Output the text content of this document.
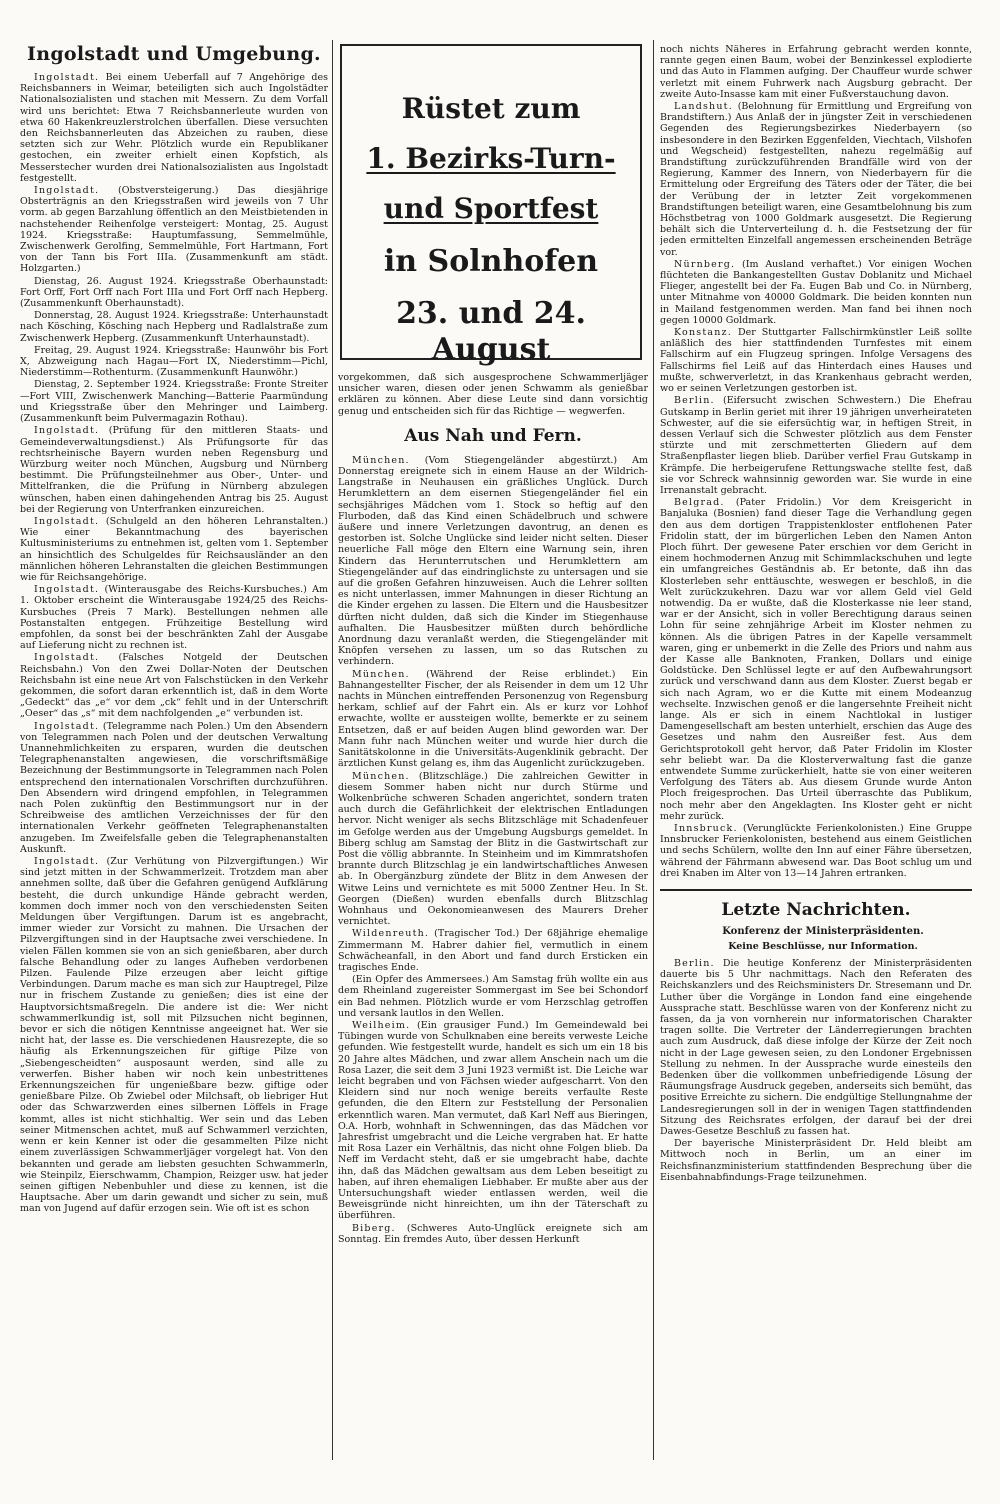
Ingolstadt und Umgebung.

Ingolstadt. Bei einem Ueberfall auf 7 Angehörige des Reichsbanners in Weimar, beteiligten sich auch Ingolstädter Nationalsozialisten und stachen mit Messern. Zu dem Vorfall wird uns berichtet: Etwa 7 Reichsbannerleute wurden von etwa 60 Hakenkreuzlerstrolchen überfallen. Diese versuchten den Reichsbannerleuten das Abzeichen zu rauben, diese setzten sich zur Wehr. Plötzlich wurde ein Republikaner gestochen, ein zweiter erhielt einen Kopfstich, als Messerstecher wurden drei Nationalsozialisten aus Ingolstadt festgestellt.

Ingolstadt. (Obstversteigerung.) Das diesjährige Obsterträgnis an den Kriegsstraßen wird jeweils von 7 Uhr vorm. ab gegen Barzahlung öffentlich an den Meistbietenden in nachstehender Reihenfolge versteigert: Montag, 25. August 1924. Kriegsstraße: Hauptumfassung, Semmelmühle, Zwischenwerk Gerolfing, Semmelmühle, Fort Hartmann, Fort von der Tann bis Fort IIIa. (Zusammenkunft am städt. Holzgarten.)

Dienstag, 26. August 1924. Kriegsstraße Oberhaunstadt: Fort Orff, Fort Orff nach Fort IIIa und Fort Orff nach Hepberg. (Zusammenkunft Oberhaunstadt).

Donnerstag, 28. August 1924. Kriegsstraße: Unterhaunstadt nach Kösching, Kösching nach Hepberg und Radlalstraße zum Zwischenwerk Hepberg. (Zusammenkunft Unterhaunstadt).

Freitag, 29. August 1924. Kriegsstraße: Haunwöhr bis Fort X, Abzweigung nach Hagau—Fort IX, Niederstimm—Pichl, Niederstimm—Rothenturm. (Zusammenkunft Haunwöhr.)

Dienstag, 2. September 1924. Kriegsstraße: Fronte Streiter—Fort VIII, Zwischenwerk Manching—Batterie Paarmündung und Kriegsstraße über den Mehringer und Laimberg. (Zusammenkunft beim Pulvermagazin Rothau).

Ingolstadt. (Prüfung für den mittleren Staats- und Gemeindeverwaltungsdienst.) Als Prüfungsorte für das rechtsrheinische Bayern wurden neben Regensburg und Würzburg weiter noch München, Augsburg und Nürnberg bestimmt. Die Prüfungsteilnehmer aus Ober-, Unter- und Mittelfranken, die die Prüfung in Nürnberg abzulegen wünschen, haben einen dahingehenden Antrag bis 25. August bei der Regierung von Unterfranken einzureichen.

Ingolstadt. (Schulgeld an den höheren Lehranstalten.) Wie einer Bekanntmachung des bayerischen Kultusministeriums zu entnehmen ist, gelten vom 1. September an hinsichtlich des Schulgeldes für Reichsausländer an den männlichen höheren Lehranstalten die gleichen Bestimmungen wie für Reichsangehörige.

Ingolstadt. (Winterausgabe des Reichs-Kursbuches.) Am 1. Oktober erscheint die Winterausgabe 1924/25 des Reichs-Kursbuches (Preis 7 Mark). Bestellungen nehmen alle Postanstalten entgegen. Frühzeitige Bestellung wird empfohlen, da sonst bei der beschränkten Zahl der Ausgabe auf Lieferung nicht zu rechnen ist.

Ingolstadt. (Falsches Notgeld der Deutschen Reichsbahn.) Von den Zwei Dollar-Noten der Deutschen Reichsbahn ist eine neue Art von Falschstücken in den Verkehr gekommen, die sofort daran erkenntlich ist, daß in dem Worte „Gedeckt“ das „e“ vor dem „ck“ fehlt und in der Unterschrift „Oeser“ das „s“ mit dem nachfolgenden „e“ verbunden ist.

Ingolstadt. (Telegramme nach Polen.) Um den Absendern von Telegrammen nach Polen und der deutschen Verwaltung Unannehmlichkeiten zu ersparen, wurden die deutschen Telegraphenanstalten angewiesen, die vorschriftsmäßige Bezeichnung der Bestimmungsorte in Telegrammen nach Polen entsprechend den internationalen Vorschriften durchzuführen. Den Absendern wird dringend empfohlen, in Telegrammen nach Polen zukünftig den Bestimmungsort nur in der Schreibweise des amtlichen Verzeichnisses der für den internationalen Verkehr geöffneten Telegraphenanstalten anzugeben. Im Zweifelsfalle geben die Telegraphenanstalten Auskunft.

Ingolstadt. (Zur Verhütung von Pilzvergiftungen.) Wir sind jetzt mitten in der Schwammerlzeit. Trotzdem man aber annehmen sollte, daß über die Gefahren genügend Aufklärung besteht, die durch unkundige Hände gebracht werden, kommen doch immer noch von den verschiedensten Seiten Meldungen über Vergiftungen. Darum ist es angebracht, immer wieder zur Vorsicht zu mahnen. Die Ursachen der Pilzvergiftungen sind in der Hauptsache zwei verschiedene. In vielen Fällen kommen sie von an sich genießbaren, aber durch falsche Behandlung oder zu langes Aufheben verdorbenen Pilzen. Faulende Pilze erzeugen aber leicht giftige Verbindungen. Darum mache es man sich zur Hauptregel, Pilze nur in frischem Zustande zu genießen; dies ist eine der Hauptvorsichtsmaßregeln. Die andere ist die: Wer nicht schwammerlkundig ist, soll mit Pilzsuchen nicht beginnen, bevor er sich die nötigen Kenntnisse angeeignet hat. Wer sie nicht hat, der lasse es. Die verschiedenen Hausrezepte, die so häufig als Erkennungszeichen für giftige Pilze von „Siebengescheidten“ ausposaunt werden, sind alle zu verwerfen. Bisher haben wir noch kein unbestrittenes Erkennungszeichen für ungenießbare bezw. giftige oder genießbare Pilze. Ob Zwiebel oder Milchsaft, ob liebriger Hut oder das Schwarzwerden eines silbernen Löffels in Frage kommt, alles ist nicht stichhaltig. Wer sein und das Leben seiner Mitmenschen achtet, muß auf Schwammerl verzichten, wenn er kein Kenner ist oder die gesammelten Pilze nicht einem zuverlässigen Schwammerljäger vorgelegt hat. Von den bekannten und gerade am liebsten gesuchten Schwammerln, wie Steinpilz, Eierschwamm, Champion, Reizger usw. hat jeder seinen giftigen Nebenbuhler und diese zu kennen, ist die Hauptsache. Aber um darin gewandt und sicher zu sein, muß man von Jugend auf dafür erzogen sein. Wie oft ist es schon

Rüstet zum
1. Bezirks-Turn-
und Sportfest
in Solnhofen
23. und 24. August

vorgekommen, daß sich ausgesprochene Schwammerljäger unsicher waren, diesen oder jenen Schwamm als genießbar erklären zu können. Aber diese Leute sind dann vorsichtig genug und entscheiden sich für das Richtige — wegwerfen.

Aus Nah und Fern.

München. (Vom Stiegengeländer abgestürzt.) Am Donnerstag ereignete sich in einem Hause an der Wildrich-Langstraße in Neuhausen ein gräßliches Unglück. Durch Herumklettern an dem eisernen Stiegengeländer fiel ein sechsjähriges Mädchen vom 1. Stock so heftig auf den Flurboden, daß das Kind einen Schädelbruch und schwere äußere und innere Verletzungen davontrug, an denen es gestorben ist. Solche Unglücke sind leider nicht selten. Dieser neuerliche Fall möge den Eltern eine Warnung sein, ihren Kindern das Herunterrutschen und Herumklettern am Stiegengeländer auf das eindringlichste zu untersagen und sie auf die großen Gefahren hinzuweisen. Auch die Lehrer sollten es nicht unterlassen, immer Mahnungen in dieser Richtung an die Kinder ergehen zu lassen. Die Eltern und die Hausbesitzer dürften nicht dulden, daß sich die Kinder im Stiegenhause aufhalten. Die Hausbesitzer müßten durch behördliche Anordnung dazu veranlaßt werden, die Stiegengeländer mit Knöpfen versehen zu lassen, um so das Rutschen zu verhindern.

München. (Während der Reise erblindet.) Ein Bahnangestellter Fischer, der als Reisender in dem um 12 Uhr nachts in München eintreffenden Personenzug von Regensburg herkam, schlief auf der Fahrt ein. Als er kurz vor Lohhof erwachte, wollte er aussteigen wollte, bemerkte er zu seinem Entsetzen, daß er auf beiden Augen blind geworden war. Der Mann fuhr nach München weiter und wurde hier durch die Sanitätskolonne in die Universitäts-Augenklinik gebracht. Der ärztlichen Kunst gelang es, ihm das Augenlicht zurückzugeben.

München. (Blitzschläge.) Die zahlreichen Gewitter in diesem Sommer haben nicht nur durch Stürme und Wolkenbrüche schweren Schaden angerichtet, sondern traten auch durch die Gefährlichkeit der elektrischen Entladungen hervor. Nicht weniger als sechs Blitzschläge mit Schadenfeuer im Gefolge werden aus der Umgebung Augsburgs gemeldet. In Biberg schlug am Samstag der Blitz in die Gastwirtschaft zur Post die völlig abbrannte. In Steinheim und im Kimmratshofen brannte durch Blitzschlag je ein landwirtschaftliches Anwesen ab. In Obergänzburg zündete der Blitz in dem Anwesen der Witwe Leins und vernichtete es mit 5000 Zentner Heu. In St. Georgen (Dießen) wurden ebenfalls durch Blitzschlag Wohnhaus und Oekonomieanwesen des Maurers Dreher vernichtet.

Wildenreuth. (Tragischer Tod.) Der 68jährige ehemalige Zimmermann M. Habrer dahier fiel, vermutlich in einem Schwächeanfall, in den Abort und fand durch Ersticken ein tragisches Ende.

(Ein Opfer des Ammersees.) Am Samstag früh wollte ein aus dem Rheinland zugereister Sommergast im See bei Schondorf ein Bad nehmen. Plötzlich wurde er vom Herzschlag getroffen und versank lautlos in den Wellen.

Weilheim. (Ein grausiger Fund.) Im Gemeindewald bei Tübingen wurde von Schulknaben eine bereits verweste Leiche gefunden. Wie festgestellt wurde, handelt es sich um ein 18 bis 20 Jahre altes Mädchen, und zwar allem Anschein nach um die Rosa Lazer, die seit dem 3 Juni 1923 vermißt ist. Die Leiche war leicht begraben und von Fächsen wieder aufgescharrt. Von den Kleidern sind nur noch wenige bereits verfaulte Reste gefunden, die den Eltern zur Feststellung der Personalien erkenntlich waren. Man vermutet, daß Karl Neff aus Bieringen, O.A. Horb, wohnhaft in Schwenningen, das das Mädchen vor Jahresfrist umgebracht und die Leiche vergraben hat. Er hatte mit Rosa Lazer ein Verhältnis, das nicht ohne Folgen blieb. Da Neff im Verdacht steht, daß er sie umgebracht habe, dachte ihn, daß das Mädchen gewaltsam aus dem Leben beseitigt zu haben, auf ihren ehemaligen Liebhaber. Er mußte aber aus der Untersuchungshaft wieder entlassen werden, weil die Beweisgründe nicht hinreichten, um ihn der Täterschaft zu überführen.

Biberg. (Schweres Auto-Unglück ereignete sich am Sonntag. Ein fremdes Auto, über dessen Herkunft

noch nichts Näheres in Erfahrung gebracht werden konnte, rannte gegen einen Baum, wobei der Benzinkessel explodierte und das Auto in Flammen aufging. Der Chauffeur wurde schwer verletzt mit einem Fuhrwerk nach Augsburg gebracht. Der zweite Auto-Insasse kam mit einer Fußverstauchung davon.

Landshut. (Belohnung für Ermittlung und Ergreifung von Brandstiftern.) Aus Anlaß der in jüngster Zeit in verschiedenen Gegenden des Regierungsbezirkes Niederbayern (so insbesondere in den Bezirken Eggenfelden, Viechtach, Vilshofen und Wegscheid) festgestellten, nahezu regelmäßig auf Brandstiftung zurückzuführenden Brandfälle wird von der Regierung, Kammer des Innern, von Niederbayern für die Ermittelung oder Ergreifung des Täters oder der Täter, die bei der Verübung der in letzter Zeit vorgekommenen Brandstiftungen beteiligt waren, eine Gesamtbelohnung bis zum Höchstbetrag von 1000 Goldmark ausgesetzt. Die Regierung behält sich die Unterverteilung d. h. die Festsetzung der für jeden ermittelten Einzelfall angemessen erscheinenden Beträge vor.

Nürnberg. (Im Ausland verhaftet.) Vor einigen Wochen flüchteten die Bankangestellten Gustav Doblanitz und Michael Flieger, angestellt bei der Fa. Eugen Bab und Co. in Nürnberg, unter Mitnahme von 40000 Goldmark. Die beiden konnten nun in Mailand festgenommen werden. Man fand bei ihnen noch gegen 10000 Goldmark.

Konstanz. Der Stuttgarter Fallschirmkünstler Leiß sollte anläßlich des hier stattfindenden Turnfestes mit einem Fallschirm auf ein Flugzeug springen. Infolge Versagens des Fallschirms fiel Leiß auf das Hinterdach eines Hauses und mußte, schwerverletzt, in das Krankenhaus gebracht werden, wo er seinen Verletzungen gestorben ist.

Berlin. (Eifersucht zwischen Schwestern.) Die Ehefrau Gutskamp in Berlin geriet mit ihrer 19 jährigen unverheirateten Schwester, auf die sie eifersüchtig war, in heftigen Streit, in dessen Verlauf sich die Schwester plötzlich aus dem Fenster stürzte und mit zerschmetterten Gliedern auf dem Straßenpflaster liegen blieb. Darüber verfiel Frau Gutskamp in Krämpfe. Die herbeigerufene Rettungswache stellte fest, daß sie vor Schreck wahnsinnig geworden war. Sie wurde in eine Irrenanstalt gebracht.

Belgrad. (Pater Fridolin.) Vor dem Kreisgericht in Banjaluka (Bosnien) fand dieser Tage die Verhandlung gegen den aus dem dortigen Trappistenkloster entflohenen Pater Fridolin statt, der im bürgerlichen Leben den Namen Anton Ploch führt. Der gewesene Pater erschien vor dem Gericht in einem hochmodernen Anzug mit Schimmlackschuhen und legte ein umfangreiches Geständnis ab. Er betonte, daß ihn das Klosterleben sehr enttäuschte, weswegen er beschloß, in die Welt zurückzukehren. Dazu war vor allem Geld viel Geld notwendig. Da er wußte, daß die Klosterkasse nie leer stand, war er der Ansicht, sich in voller Berechtigung daraus seinen Lohn für seine zehnjährige Arbeit im Kloster nehmen zu können. Als die übrigen Patres in der Kapelle versammelt waren, ging er unbemerkt in die Zelle des Priors und nahm aus der Kasse alle Banknoten, Franken, Dollars und einige Goldstücke. Den Schlüssel legte er auf den Aufbewahrungsort zurück und verschwand dann aus dem Kloster. Zuerst begab er sich nach Agram, wo er die Kutte mit einem Modeanzug wechselte. Inzwischen genoß er die langersehnte Freiheit nicht lange. Als er sich in einem Nachtlokal in lustiger Damengesellschaft am besten unterhielt, erschien das Auge des Gesetzes und nahm den Ausreißer fest. Aus dem Gerichtsprotokoll geht hervor, daß Pater Fridolin im Kloster sehr beliebt war. Da die Klosterverwaltung fast die ganze entwendete Summe zurückerhielt, hatte sie von einer weiteren Verfolgung des Täters ab. Aus diesem Grunde wurde Anton Ploch freigesprochen. Das Urteil überraschte das Publikum, noch mehr aber den Angeklagten. Ins Kloster geht er nicht mehr zurück.

Innsbruck. (Verunglückte Ferienkolonisten.) Eine Gruppe Innsbrucker Ferienkolonisten, bestehend aus einem Geistlichen und sechs Schülern, wollte den Inn auf einer Fähre übersetzen, während der Fährmann abwesend war. Das Boot schlug um und drei Knaben im Alter von 13—14 Jahren ertranken.

Letzte Nachrichten.

Konferenz der Ministerpräsidenten.

Keine Beschlüsse, nur Information.

Berlin. Die heutige Konferenz der Ministerpräsidenten dauerte bis 5 Uhr nachmittags. Nach den Referaten des Reichskanzlers und des Reichsministers Dr. Stresemann und Dr. Luther über die Vorgänge in London fand eine eingehende Aussprache statt. Beschlüsse waren von der Konferenz nicht zu fassen, da ja von vornherein nur informatorischen Charakter tragen sollte. Die Vertreter der Länderregierungen brachten auch zum Ausdruck, daß diese infolge der Kürze der Zeit noch nicht in der Lage gewesen seien, zu den Londoner Ergebnissen Stellung zu nehmen. In der Aussprache wurde einesteils den Bedenken über die vollkommen unbefriedigende Lösung der Räumungsfrage Ausdruck gegeben, anderseits sich bemüht, das positive Erreichte zu sichern. Die endgültige Stellungnahme der Landesregierungen soll in der in wenigen Tagen stattfindenden Sitzung des Reichsrates erfolgen, der darauf bei der drei Dawes-Gesetze Beschluß zu fassen hat.

Der bayerische Ministerpräsident Dr. Held bleibt am Mittwoch noch in Berlin, um an einer im Reichsfinanzministerium stattfindenden Besprechung über die Eisenbahnabfindungs-Frage teilzunehmen.
